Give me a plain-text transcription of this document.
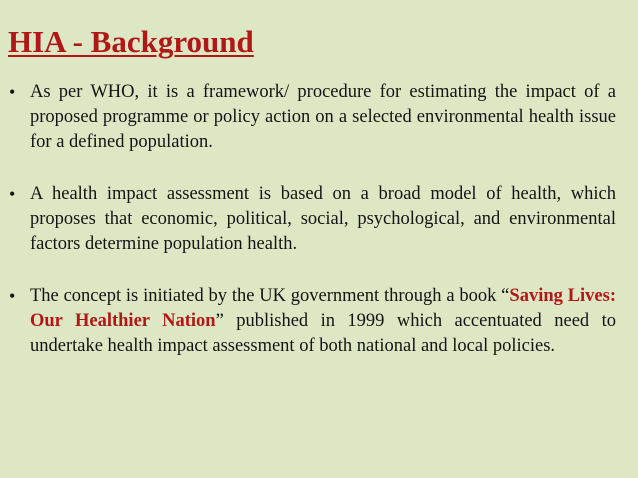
HIA - Background
• As per WHO, it is a framework/ procedure for estimating the impact of a proposed programme or policy action on a selected environmental health issue for a defined population.
• A health impact assessment is based on a broad model of health, which proposes that economic, political, social, psychological, and environmental factors determine population health.
• The concept is initiated by the UK government through a book “Saving Lives: Our Healthier Nation” published in 1999 which accentuated need to undertake health impact assessment of both national and local policies.
